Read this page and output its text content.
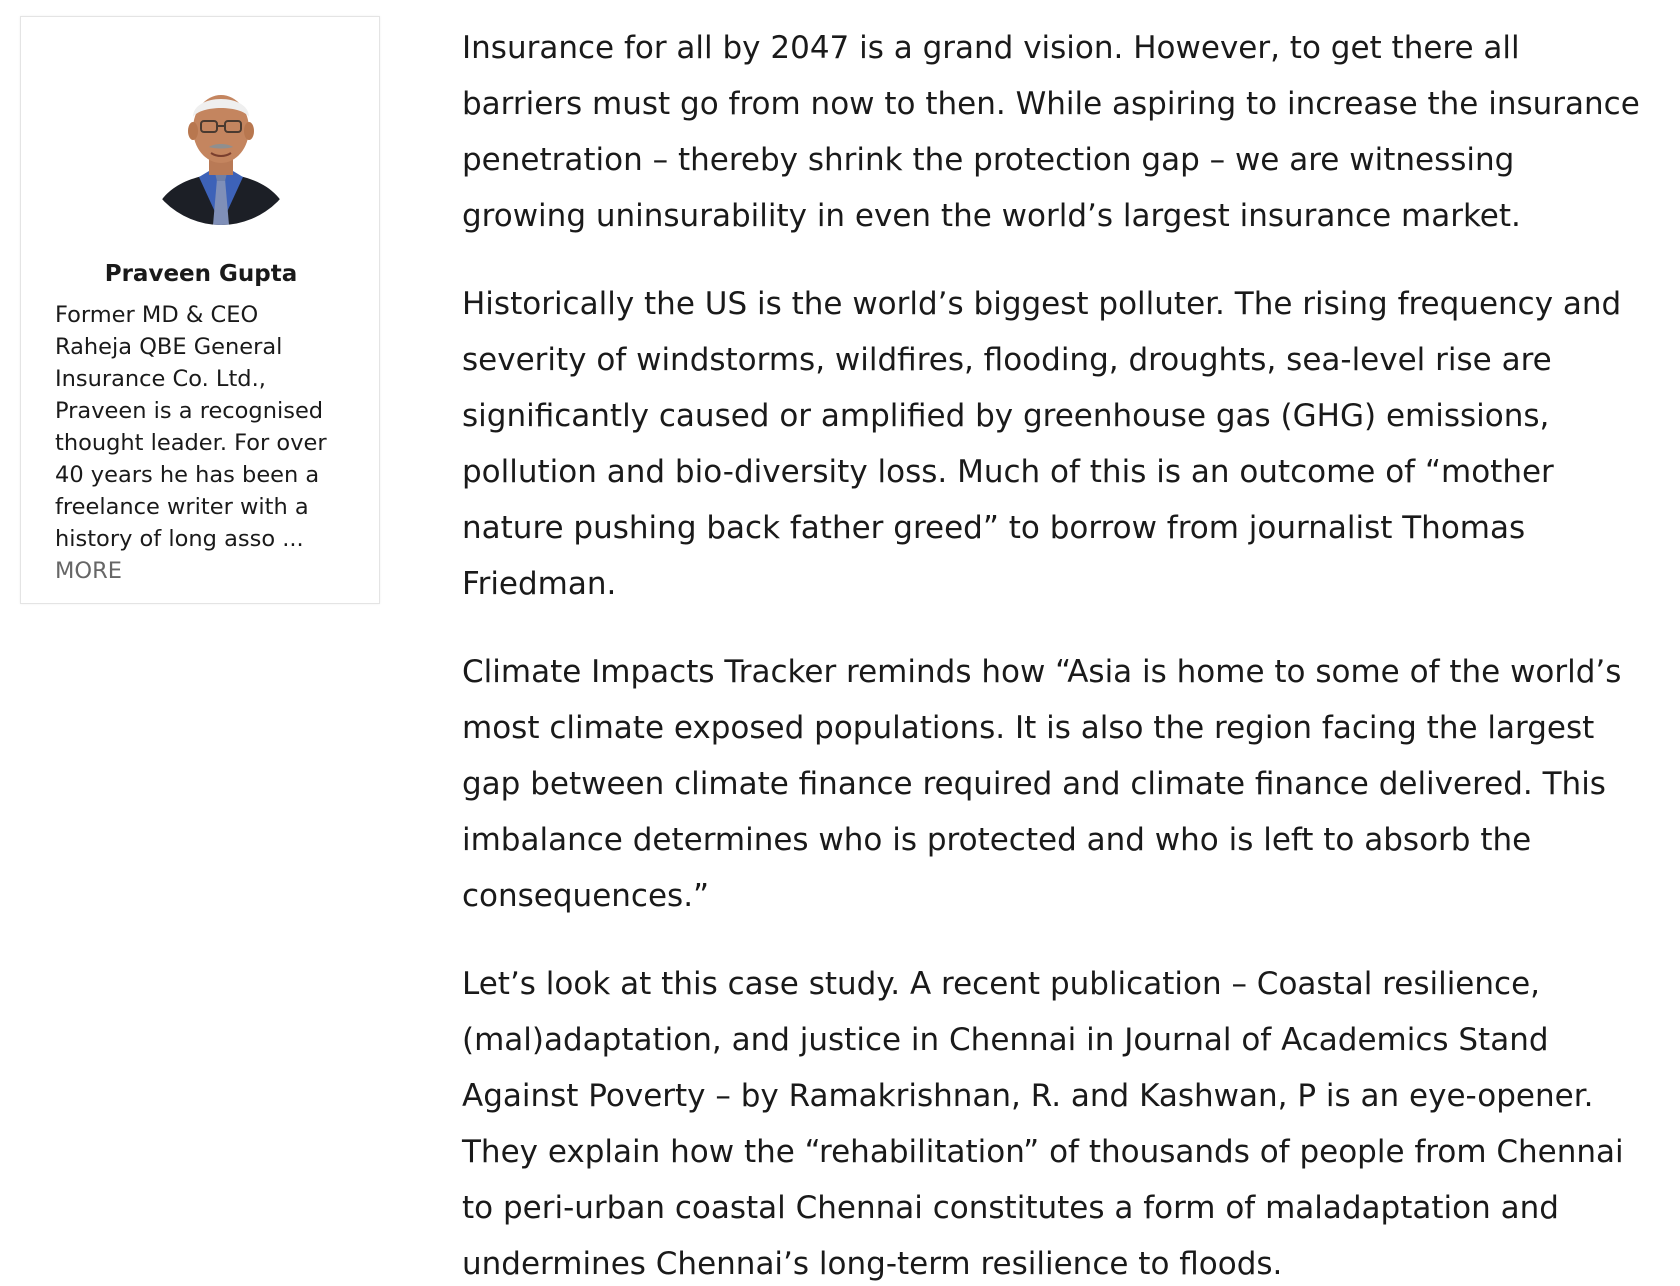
Praveen Gupta
Former MD & CEO
Raheja QBE General
Insurance Co. Ltd.,
Praveen is a recognised
thought leader. For over
40 years he has been a
freelance writer with a
history of long asso ...
MORE

Insurance for all by 2047 is a grand vision. However, to get there all
barriers must go from now to then. While aspiring to increase the insurance
penetration – thereby shrink the protection gap – we are witnessing
growing uninsurability in even the world’s largest insurance market.

Historically the US is the world’s biggest polluter. The rising frequency and
severity of windstorms, wildfires, flooding, droughts, sea-level rise are
significantly caused or amplified by greenhouse gas (GHG) emissions,
pollution and bio-diversity loss. Much of this is an outcome of “mother
nature pushing back father greed” to borrow from journalist Thomas
Friedman.

Climate Impacts Tracker reminds how “Asia is home to some of the world’s
most climate exposed populations. It is also the region facing the largest
gap between climate finance required and climate finance delivered. This
imbalance determines who is protected and who is left to absorb the
consequences.”

Let’s look at this case study. A recent publication – Coastal resilience,
(mal)adaptation, and justice in Chennai in Journal of Academics Stand
Against Poverty – by Ramakrishnan, R. and Kashwan, P is an eye-opener.
They explain how the “rehabilitation” of thousands of people from Chennai
to peri-urban coastal Chennai constitutes a form of maladaptation and
undermines Chennai’s long-term resilience to floods.
